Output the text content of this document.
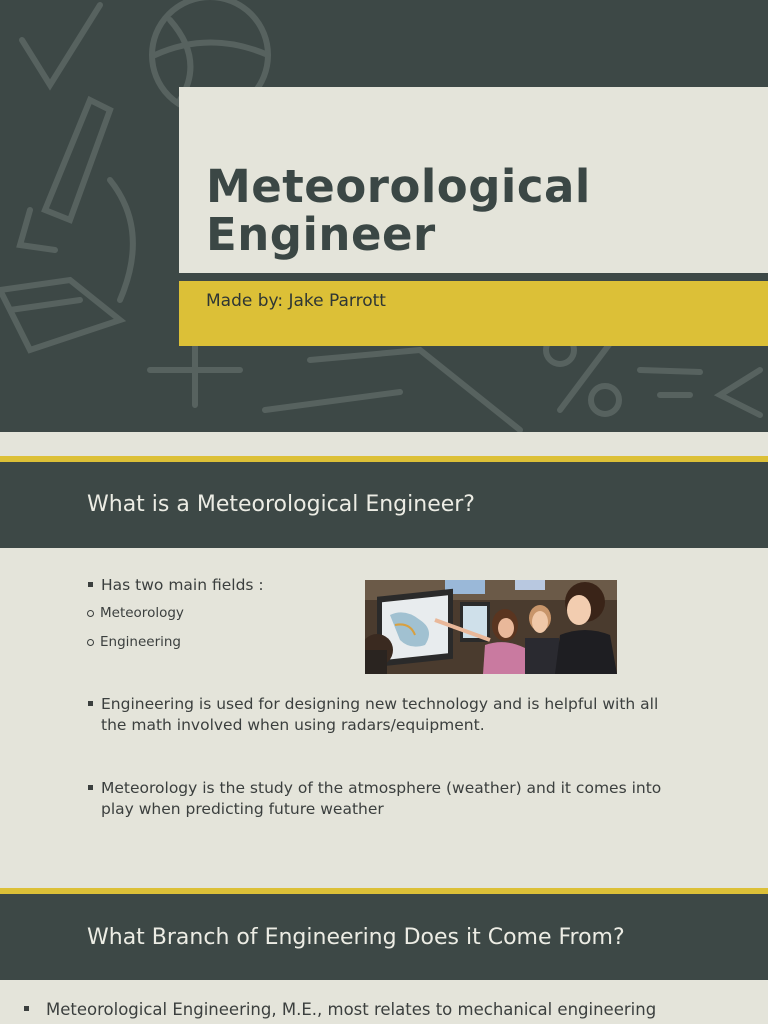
Meteorological Engineer
Made by: Jake Parrott
What is a Meteorological Engineer?
Has two main fields :
Meteorology
Engineering
Engineering is used for designing new technology and is helpful with all the math involved when using radars/equipment.
Meteorology is the study of the atmosphere (weather) and it comes into play when predicting future weather
What Branch of Engineering Does it Come From?
Meteorological Engineering, M.E., most relates to mechanical engineering
